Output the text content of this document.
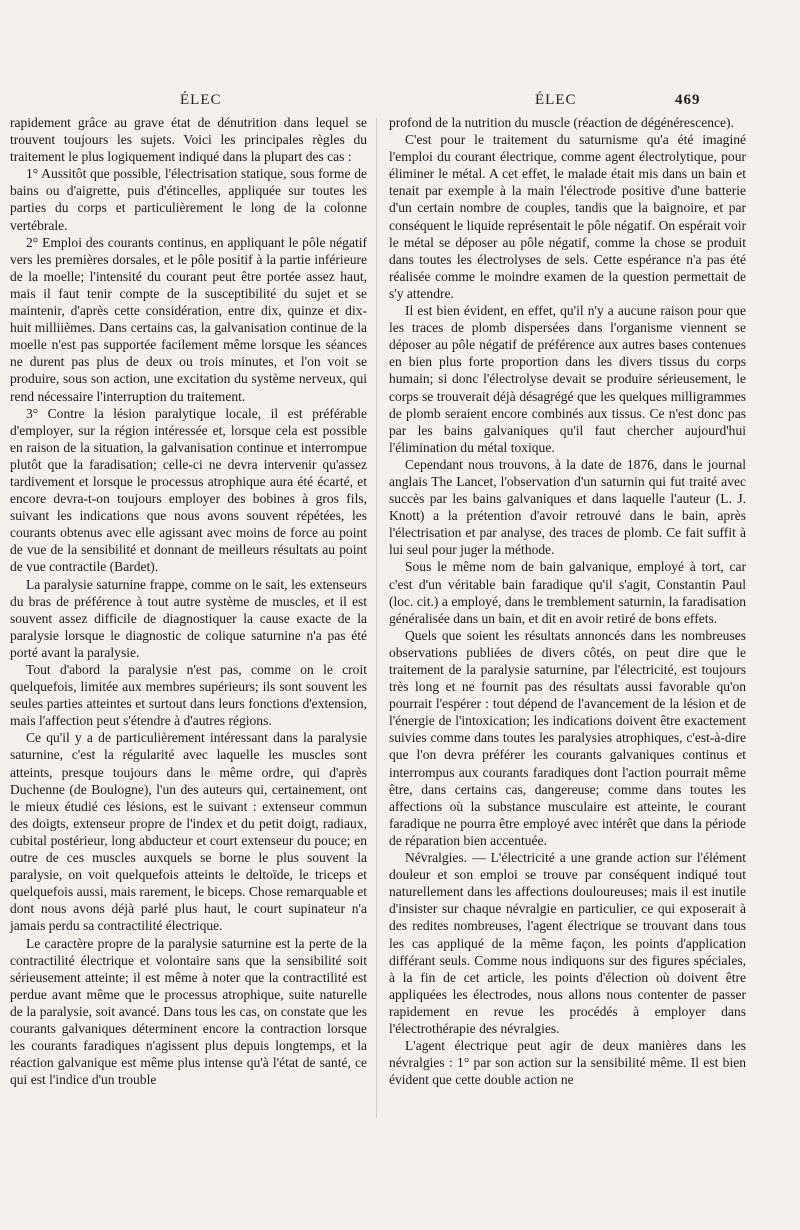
ÉLEC	ÉLEC	469

rapidement grâce au grave état de dénutrition dans lequel se trouvent toujours les sujets. Voici les principales règles du traitement le plus logiquement indiqué dans la plupart des cas :

1° Aussitôt que possible, l'électrisation statique, sous forme de bains ou d'aigrette, puis d'étincelles, appliquée sur toutes les parties du corps et particulièrement le long de la colonne vertébrale.

2° Emploi des courants continus, en appliquant le pôle négatif vers les premières dorsales, et le pôle positif à la partie inférieure de la moelle; l'intensité du courant peut être portée assez haut, mais il faut tenir compte de la susceptibilité du sujet et se maintenir, d'après cette considération, entre dix, quinze et dix-huit milliièmes. Dans certains cas, la galvanisation continue de la moelle n'est pas supportée facilement même lorsque les séances ne durent pas plus de deux ou trois minutes, et l'on voit se produire, sous son action, une excitation du système nerveux, qui rend nécessaire l'interruption du traitement.

3° Contre la lésion paralytique locale, il est préférable d'employer, sur la région intéressée et, lorsque cela est possible en raison de la situation, la galvanisation continue et interrompue plutôt que la faradisation; celle-ci ne devra intervenir qu'assez tardivement et lorsque le processus atrophique aura été écarté, et encore devra-t-on toujours employer des bobines à gros fils, suivant les indications que nous avons souvent répétées, les courants obtenus avec elle agissant avec moins de force au point de vue de la sensibilité et donnant de meilleurs résultats au point de vue contractile (Bardet).

La paralysie saturnine frappe, comme on le sait, les extenseurs du bras de préférence à tout autre système de muscles, et il est souvent assez difficile de diagnostiquer la cause exacte de la paralysie lorsque le diagnostic de colique saturnine n'a pas été porté avant la paralysie.

Tout d'abord la paralysie n'est pas, comme on le croit quelquefois, limitée aux membres supérieurs; ils sont souvent les seules parties atteintes et surtout dans leurs fonctions d'extension, mais l'affection peut s'étendre à d'autres régions.

Ce qu'il y a de particulièrement intéressant dans la paralysie saturnine, c'est la régularité avec laquelle les muscles sont atteints, presque toujours dans le même ordre, qui d'après Duchenne (de Boulogne), l'un des auteurs qui, certainement, ont le mieux étudié ces lésions, est le suivant : extenseur commun des doigts, extenseur propre de l'index et du petit doigt, radiaux, cubital postérieur, long abducteur et court extenseur du pouce; en outre de ces muscles auxquels se borne le plus souvent la paralysie, on voit quelquefois atteints le deltoïde, le triceps et quelquefois aussi, mais rarement, le biceps. Chose remarquable et dont nous avons déjà parlé plus haut, le court supinateur n'a jamais perdu sa contractilité électrique.

Le caractère propre de la paralysie saturnine est la perte de la contractilité électrique et volontaire sans que la sensibilité soit sérieusement atteinte; il est même à noter que la contractilité est perdue avant même que le processus atrophique, suite naturelle de la paralysie, soit avancé. Dans tous les cas, on constate que les courants galvaniques déterminent encore la contraction lorsque les courants faradiques n'agissent plus depuis longtemps, et la réaction galvanique est même plus intense qu'à l'état de santé, ce qui est l'indice d'un trouble

profond de la nutrition du muscle (réaction de dégénérescence).

C'est pour le traitement du saturnisme qu'a été imaginé l'emploi du courant électrique, comme agent électrolytique, pour éliminer le métal. A cet effet, le malade était mis dans un bain et tenait par exemple à la main l'électrode positive d'une batterie d'un certain nombre de couples, tandis que la baignoire, et par conséquent le liquide représentait le pôle négatif. On espérait voir le métal se déposer au pôle négatif, comme la chose se produit dans toutes les électrolyses de sels. Cette espérance n'a pas été réalisée comme le moindre examen de la question permettait de s'y attendre.

Il est bien évident, en effet, qu'il n'y a aucune raison pour que les traces de plomb dispersées dans l'organisme viennent se déposer au pôle négatif de préférence aux autres bases contenues en bien plus forte proportion dans les divers tissus du corps humain; si donc l'électrolyse devait se produire sérieusement, le corps se trouverait déjà désagrégé que les quelques milligrammes de plomb seraient encore combinés aux tissus. Ce n'est donc pas par les bains galvaniques qu'il faut chercher aujourd'hui l'élimination du métal toxique.

Cependant nous trouvons, à la date de 1876, dans le journal anglais The Lancet, l'observation d'un saturnin qui fut traité avec succès par les bains galvaniques et dans laquelle l'auteur (L. J. Knott) a la prétention d'avoir retrouvé dans le bain, après l'électrisation et par analyse, des traces de plomb. Ce fait suffit à lui seul pour juger la méthode.

Sous le même nom de bain galvanique, employé à tort, car c'est d'un véritable bain faradique qu'il s'agit, Constantin Paul (loc. cit.) a employé, dans le tremblement saturnin, la faradisation généralisée dans un bain, et dit en avoir retiré de bons effets.

Quels que soient les résultats annoncés dans les nombreuses observations publiées de divers côtés, on peut dire que le traitement de la paralysie saturnine, par l'électricité, est toujours très long et ne fournit pas des résultats aussi favorable qu'on pourrait l'espérer : tout dépend de l'avancement de la lésion et de l'énergie de l'intoxication; les indications doivent être exactement suivies comme dans toutes les paralysies atrophiques, c'est-à-dire que l'on devra préférer les courants galvaniques continus et interrompus aux courants faradiques dont l'action pourrait même être, dans certains cas, dangereuse; comme dans toutes les affections où la substance musculaire est atteinte, le courant faradique ne pourra être employé avec intérêt que dans la période de réparation bien accentuée.

Névralgies. — L'électricité a une grande action sur l'élément douleur et son emploi se trouve par conséquent indiqué tout naturellement dans les affections douloureuses; mais il est inutile d'insister sur chaque névralgie en particulier, ce qui exposerait à des redites nombreuses, l'agent électrique se trouvant dans tous les cas appliqué de la même façon, les points d'application différant seuls. Comme nous indiquons sur des figures spéciales, à la fin de cet article, les points d'élection où doivent être appliquées les électrodes, nous allons nous contenter de passer rapidement en revue les procédés à employer dans l'électrothérapie des névralgies.

L'agent électrique peut agir de deux manières dans les névralgies : 1° par son action sur la sensibilité même. Il est bien évident que cette double action ne
